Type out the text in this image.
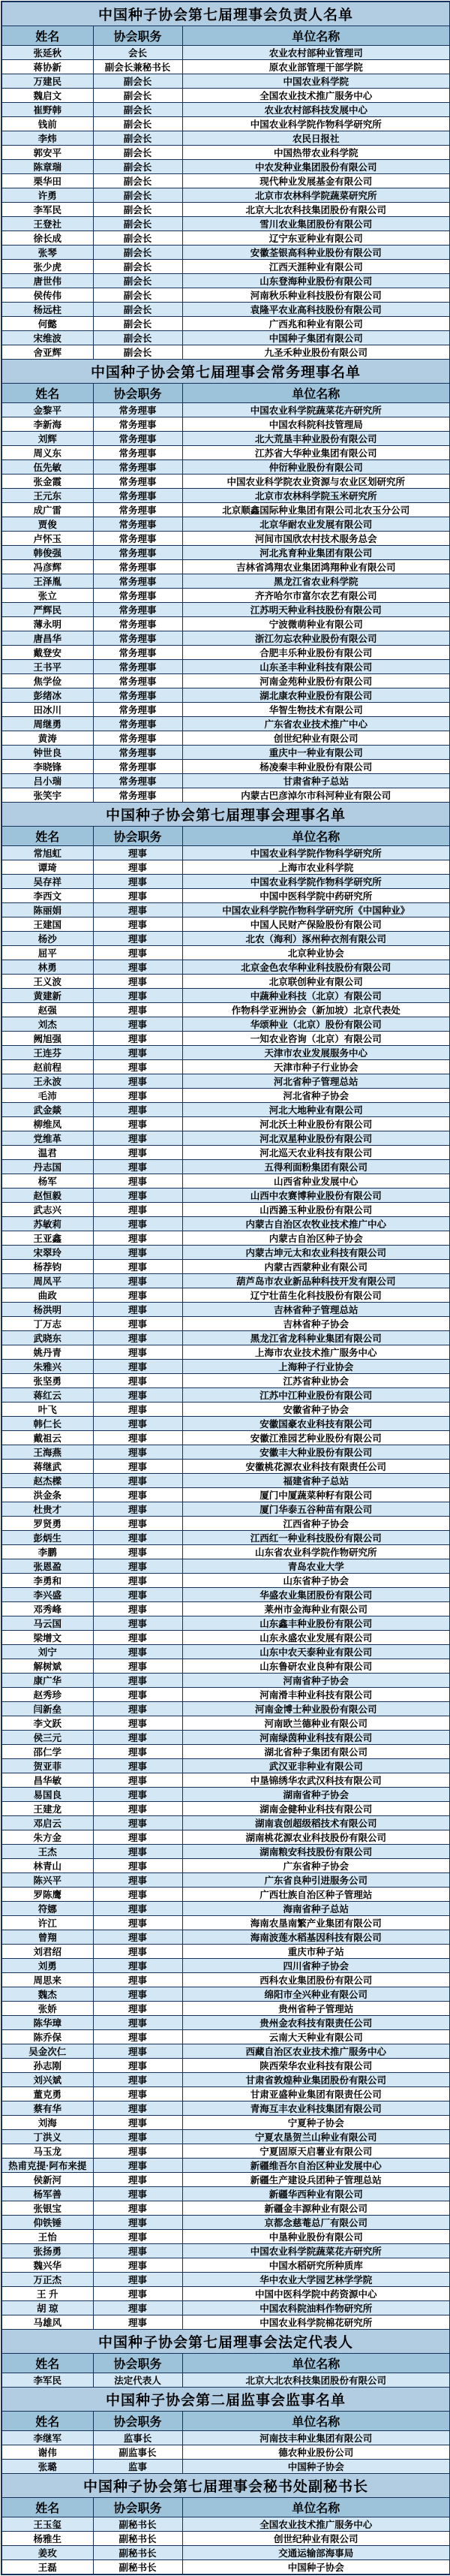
中国种子协会第七届理事会负责人名单		
姓名	协会职务	单位名称
张延秋	会长	农业农村部种业管理司
蒋协新	副会长兼秘书长	原农业部管理干部学院
万建民	副会长	中国农业科学院
魏启文	副会长	全国农业技术推广服务中心
崔野韩	副会长	农业农村部科技发展中心
钱前	副会长	中国农业科学院作物科学研究所
李炜	副会长	农民日报社
郭安平	副会长	中国热带农业科学院
陈章瑞	副会长	中农发种业集团股份有限公司
栗华田	副会长	现代种业发展基金有限公司
许勇	副会长	北京市农林科学院蔬菜研究所
李军民	副会长	北京大北农科技集团股份有限公司
王登社	副会长	雪川农业集团股份有限公司
徐长成	副会长	辽宁东亚种业有限公司
张琴	副会长	安徽荃银高科种业股份有限公司
张少虎	副会长	江西天涯种业有限公司
唐世伟	副会长	山东登海种业股份有限公司
侯传伟	副会长	河南秋乐种业科技股份有限公司
杨远柱	副会长	袁隆平农业高科技股份有限公司
何懿	副会长	广西兆和种业有限公司
宋维波	副会长	中国种子集团有限公司
舍亚辉	副会长	九圣禾种业股份有限公司
中国种子协会第七届理事会常务理事名单		
姓名	协会职务	单位名称
金黎平	常务理事	中国农业科学院蔬菜花卉研究所
李新海	常务理事	中国农科院科技管理局
刘辉	常务理事	北大荒垦丰种业股份有限公司
周义东	常务理事	江苏省大华种业集团有限公司
伍先敏	常务理事	仲衍种业股份有限公司
张金霞	常务理事	中国农业科学院农业资源与农业区划研究所
王元东	常务理事	北京市农林科学院玉米研究所
成广雷	常务理事	北京顺鑫国际种业集团有限公司北农玉分公司
贾俊	常务理事	北京华耐农业发展有限公司
卢怀玉	常务理事	河间市国欣农村技术服务总会
韩俊强	常务理事	河北兆育种业集团有限公司
冯彦辉	常务理事	吉林省鸿翔农业集团鸿翔种业有限公司
王泽胤	常务理事	黑龙江省农业科学院
张立	常务理事	齐齐哈尔市富尔农艺有限公司
严辉民	常务理事	江苏明天种业科技股份有限公司
薄永明	常务理事	宁波微萌种业有限公司
唐昌华	常务理事	浙江勿忘农种业股份有限公司
戴登安	常务理事	合肥丰乐种业股份有限公司
王书平	常务理事	山东圣丰种业科技有限公司
焦学俭	常务理事	河南金苑种业股份有限公司
彭绪冰	常务理事	湖北康农种业股份有限公司
田冰川	常务理事	华智生物技术有限公司
周继勇	常务理事	广东省农业技术推广中心
黄涛	常务理事	创世纪种业有限公司
钟世良	常务理事	重庆中一种业有限公司
李晓锋	常务理事	杨凌秦丰种业股份有限公司
吕小瑞	常务理事	甘肃省种子总站
张笑宇	常务理事	内蒙古巴彦淖尔市科河种业有限公司
中国种子协会第七届理事会理事名单		
姓名	协会职务	单位名称
常旭虹	理事	中国农业科学院作物科学研究所
谭琦	理事	上海市农业科学院
吴存祥	理事	中国农业科学院作物科学研究所
李西文	理事	中国中医科学院中药研究所
陈丽娟	理事	中国农业科学院作物科学研究所《中国种业》
王建国	理事	中国人民财产保险股份有限公司
杨沙	理事	北农（海利）涿州种衣剂有限公司
屈平	理事	北京种业协会
林勇	理事	北京金色农华种业科技股份有限公司
王义波	理事	北京联创种业有限公司
黄建新	理事	中蔬种业科技（北京）有限公司
赵强	理事	作物科学亚洲协会（新加坡）北京代表处
刘杰	理事	华颂种业（北京）股份有限公司
阙旭强	理事	一知农业咨询（北京）有限公司
王连芬	理事	天津市农业发展服务中心
赵前程	理事	天津市种子行业协会
王永波	理事	河北省种子管理总站
毛沛	理事	河北省种子协会
武金燚	理事	河北大地种业有限公司
柳维凤	理事	河北沃土种业股份有限公司
党维革	理事	河北双星种业股份有限公司
温君	理事	河北巡天农业科技有限公司
丹志国	理事	五得利面粉集团有限公司
杨军	理事	山西省种业发展中心
赵恒毅	理事	山西中农赛博种业股份有限公司
武志兴	理事	山西潞玉种业股份有限公司
苏敏莉	理事	内蒙古自治区农牧业技术推广中心
王亚鑫	理事	内蒙古自治区种子协会
宋翠玲	理事	内蒙古坤元太和农业科技有限公司
杨荐钧	理事	内蒙古西蒙种业有限公司
周凤平	理事	葫芦岛市农业新品种科技开发有限公司
曲政	理事	辽宁壮苗生化科技股份有限公司
杨洪明	理事	吉林省种子管理总站
丁万志	理事	吉林省种子协会
武晓东	理事	黑龙江省龙科种业集团有限公司
姚丹青	理事	上海市农业技术推广服务中心
朱雅兴	理事	上海种子行业协会
张坚勇	理事	江苏省种业协会
蒋红云	理事	江苏中江种业股份有限公司
叶飞	理事	安徽省种子协会
韩仁长	理事	安徽国豪农业科技有限公司
戴祖云	理事	安徽江淮园艺种业股份有限公司
王海燕	理事	安徽丰大种业股份有限公司
蒋继武	理事	安徽桃花源农业科技有限责任公司
赵杰樑	理事	福建省种子总站
洪金条	理事	厦门中厦蔬菜种籽有限公司
杜贵才	理事	厦门华泰五谷种苗有限公司
罗贤勇	理事	江西省种子协会
彭炳生	理事	江西红一种业科技股份有限公司
李鹏	理事	山东省农业科学院作物研究所
张恩盈	理事	青岛农业大学
李勇和	理事	山东省种子协会
李兴盛	理事	华盛农业集团股份有限公司
邓秀峰	理事	莱州市金海种业有限公司
马云国	理事	山东鑫丰种业股份有限公司
梁增文	理事	山东永盛农业发展有限公司
刘宁	理事	山东中农天泰种业有限公司
解树斌	理事	山东鲁研农业良种有限公司
康广华	理事	河南省种子协会
赵秀珍	理事	河南滑丰种业科技有限公司
闫新垒	理事	河南金博士种业股份有限公司
李文跃	理事	河南欧兰德种业有限公司
侯三元	理事	河南绿茵种业科技有限公司
邵仁学	理事	湖北省种子集团有限公司
贺亚菲	理事	武汉亚非种业有限公司
昌华敏	理事	中垦锦绣华农武汉科技有限公司
易国良	理事	湖南省种子协会
王建龙	理事	湖南金健种业科技有限公司
邓启云	理事	湖南袁创超级稻技术有限公司
朱方金	理事	湖南桃花源农业科技股份有限公司
王杰	理事	湖南粮安科技股份有限公司
林青山	理事	广东省种子协会
陈兴平	理事	广东省良种引进服务公司
罗陈鹰	理事	广西壮族自治区种子管理站
符娜	理事	海南省种子总站
许江	理事	海南农垦南繁产业集团有限公司
曾翔	理事	海南波莲水稻基因科技有限公司
刘君绍	理事	重庆市种子站
刘勇	理事	四川省种子协会
周思来	理事	西科农业集团股份有限公司
魏杰	理事	绵阳市全兴种业有限公司
张娇	理事	贵州省种子管理站
陈华璋	理事	贵州金农科技有限责任公司
陈乔保	理事	云南大天种业有限公司
吴金次仁	理事	西藏自治区农业技术推广服务中心
孙志刚	理事	陕西荣华农业科技有限公司
刘兴斌	理事	甘肃省敦煌种业集团股份有限公司
董克勇	理事	甘肃亚盛种业集团有限责任公司
蔡有华	理事	青海互丰农业科技集团有限公司
刘海	理事	宁夏种子协会
丁洪义	理事	宁夏农垦贺兰山种业有限公司
马玉龙	理事	宁夏固原天启薯业有限公司
热甫克提·阿布来提	理事	新疆维吾尔自治区种业发展中心
侯新河	理事	新疆生产建设兵团种子管理总站
杨军善	理事	新疆华西种业有限公司
张银宝	理事	新疆金丰源种业有限公司
仰铁锤	理事	京都念慈菴总厂有限公司
王怡	理事	中垦种业股份有限公司
张扬勇	理事	中国农业科学院蔬菜花卉研究所
魏兴华	理事	中国水稻研究所种质库
万正杰	理事	华中农业大学园艺林学学院
王 升	理事	中国中医科学院中药资源中心
胡 琼	理事	中国农科院油料作物研究所
马雄风	理事	中国农业科学院棉花研究所
中国种子协会第七届理事会法定代表人		
姓名	协会职务	单位名称
李军民	法定代表人	北京大北农科技集团股份有限公司
中国种子协会第二届监事会监事名单		
姓名	协会职务	单位名称
李继军	监事长	河南技丰种业集团有限公司
谢伟	副监事长	德农种业股份公司
张璐	监事	中国种子协会
中国种子协会第七届理事会秘书处副秘书长		
姓名	协会职务	单位名称
王玉玺	副秘书长	全国农业技术推广服务中心
杨雅生	副秘书长	创世纪种业有限公司
姜玫	副秘书长	交通运输部海事局
王磊	副秘书长	中国种子协会
